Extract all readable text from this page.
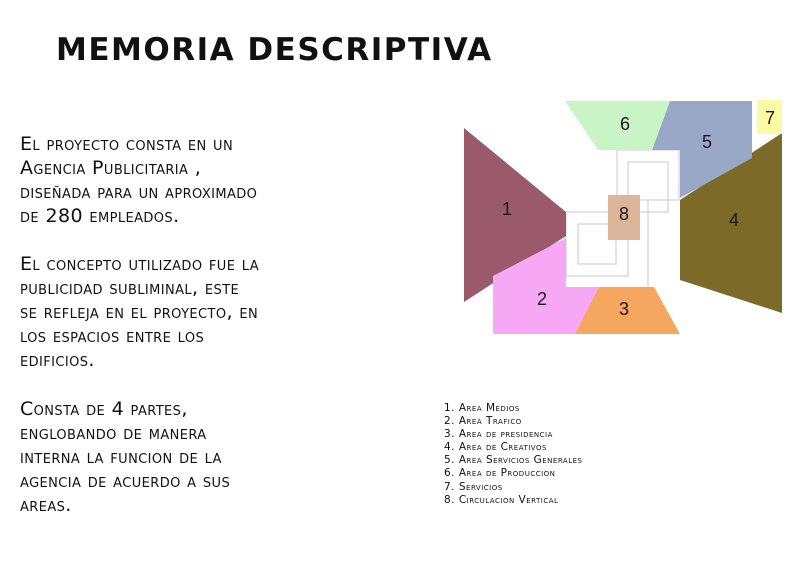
MEMORIA DESCRIPTIVA

El proyecto consta en un
Agencia Publicitaria ,
diseñada para un aproximado
de 280 empleados.

El concepto utilizado fue la
publicidad subliminal, este
se refleja en el proyecto, en
los espacios entre los
edificios.

Consta de 4 partes,
englobando de manera
interna la funcion de la
agencia de acuerdo a sus
areas.

1
2	3
4
5
6	7
8
1. Area Medios
2. Area Trafico
3. Area de presidencia
4. Area de Creativos
5. Area Servicios Generales
6. Area de Produccion
7. Servicios
8. Circulacion Vertical
